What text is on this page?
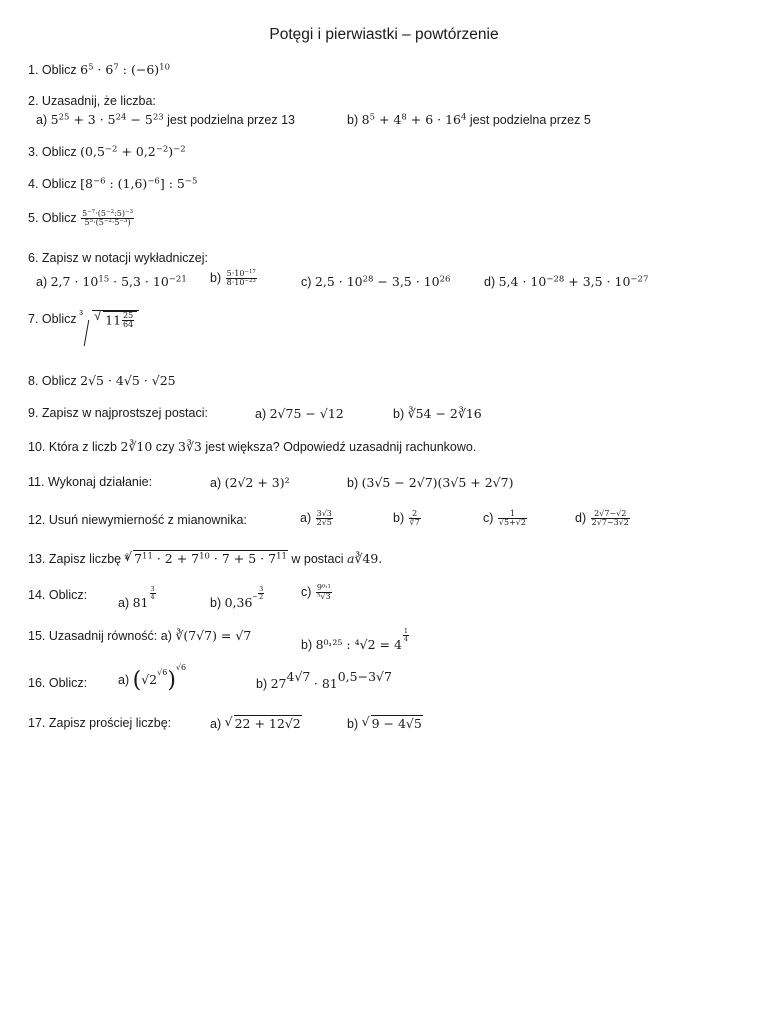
Potęgi i pierwiastki – powtórzenie
1. Oblicz $6^5 \cdot 6^7$ : $(-6)^{10}$
2. Uzasadnij, że liczba:
a) $5^{25} + 3 \cdot 5^{24} - 5^{23}$ jest podzielna przez 13	b) $8^5 + 4^8 + 6 \cdot 16^4$ jest podzielna przez 5
3. Oblicz $(0,5^{-2} + 0,2^{-2})^{-2}$
4. Oblicz [$8^{-6}$ : $(1,6)^{-6}$] : $5^{-5}$
5. Oblicz $\frac{5^{-7}\cdot(5^{-2}:5)^{-3}}{5^5\cdot(5^{-2}\cdot 5^{-3})}$
6. Zapisz w notacji wykładniczej:
a) $2,7 \cdot 10^{15} \cdot 5,3 \cdot 10^{-21}$ $b) \frac{5\cdot 10^{-17}}{8\cdot 10^{-23}}$	c) $2,5 \cdot 10^{28} - 3,5 \cdot 10^{26}$	d) $5,4 \cdot 10^{-28} + 3,5 \cdot 10^{-27}$
7. Oblicz 3 √ $11 \frac{25}{64}$
8. Oblicz 2√5 · 4√5 · √25
9. Zapisz w najprostszej postaci:	a) 2√75 − √12	b) ∛54 − 2∛16
10. Która z liczb 2∛10 czy 3∛3 jest większa? Odpowiedź uzasadnij rachunkowo.
11. Wykonaj działanie:	a) (2√2 + 3)²	b) (3√5 − 2√7)(3√5 + 2√7)
12. Usuń niewymierność z mianownika:	$a) \frac{3√3}{2√5}$	$b) \frac{2}{∛7}$	$c) \frac{1}{√5+√2}$	$d) \frac{2√7-√2}{2√7-3√2}$
13. Zapisz liczbę $^3$ √ $7^{11} \cdot 2 + 7^{10} \cdot 7 + 5 \cdot 7^{11}$ w postaci a∛49.
14. Oblicz:
a) 81
$\frac{3}{4}$
b) $0,36^- \frac{3}{2}$	$c) \frac{\text{9⁰˒¹}}{\text{⁵√3}}$
15. Uzasadnij równość: a) ∛(7√7) = √7
b) 8⁰˒²⁵ : ⁴√2 = 4
$\frac{1}{4}$
16. Oblicz: a) $(√2^{√6})^{√6}$
b) $27^{4√7} \cdot 81^{0,5-3√7}$
17. Zapisz prościej liczbę:	a) √ 22 + 12√2	b) √ 9 − 4√5
